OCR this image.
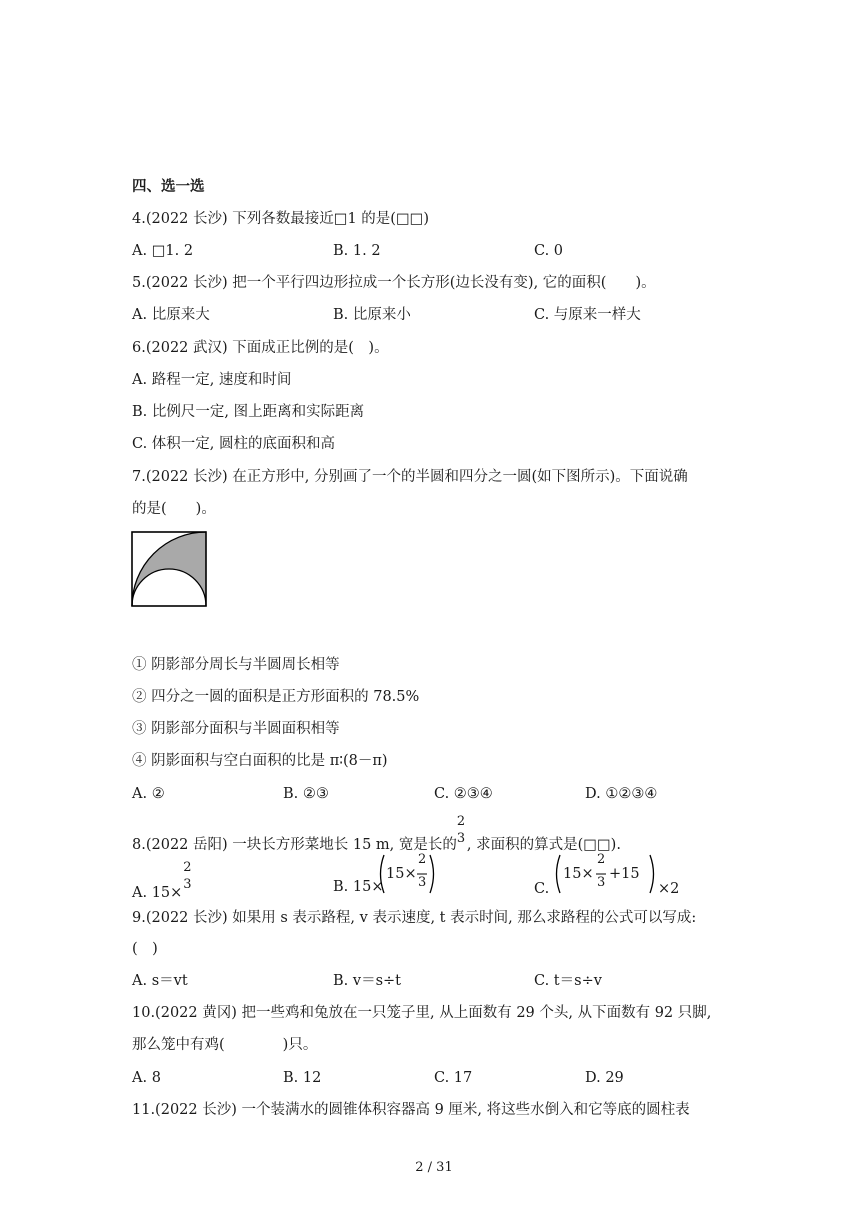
四、选一选
4.(2022 长沙) 下列各数最接近□1 的是(□□)
A. □1. 2	B. 1. 2	C. 0
5.(2022 长沙) 把一个平行四边形拉成一个长方形(边长没有变), 它的面积(　　)。
A. 比原来大	B. 比原来小	C. 与原来一样大
6.(2022 武汉) 下面成正比例的是(　)。
A. 路程一定, 速度和时间
B. 比例尺一定, 图上距离和实际距离
C. 体积一定, 圆柱的底面积和高
7.(2022 长沙) 在正方形中, 分别画了一个的半圆和四分之一圆(如下图所示)。下面说确
的是(　　)。
① 阴影部分周长与半圆周长相等
② 四分之一圆的面积是正方形面积的 78.5%
③ 阴影部分面积与半圆面积相等
④ 阴影面积与空白面积的比是 π∶(8－π)
A. ②	B. ②③	C. ②③④	D. ①②③④
8.(2022 岳阳) 一块长方形菜地长 15 m, 宽是长的
2
3 , 求面积的算式是(□□).
A. 15×
2
3	B. 15×
15×
2
3	C.
15×
2
3
+15
×2
9.(2022 长沙) 如果用 s 表示路程, v 表示速度, t 表示时间, 那么求路程的公式可以写成:
(　)
A. s＝vt	B. v＝s÷t	C. t＝s÷v
10.(2022 黄冈) 把一些鸡和兔放在一只笼子里, 从上面数有 29 个头, 从下面数有 92 只脚,
那么笼中有鸡(　　　　)只。
A. 8	B. 12	C. 17	D. 29
11.(2022 长沙) 一个装满水的圆锥体积容器高 9 厘米, 将这些水倒入和它等底的圆柱表
2 / 31
